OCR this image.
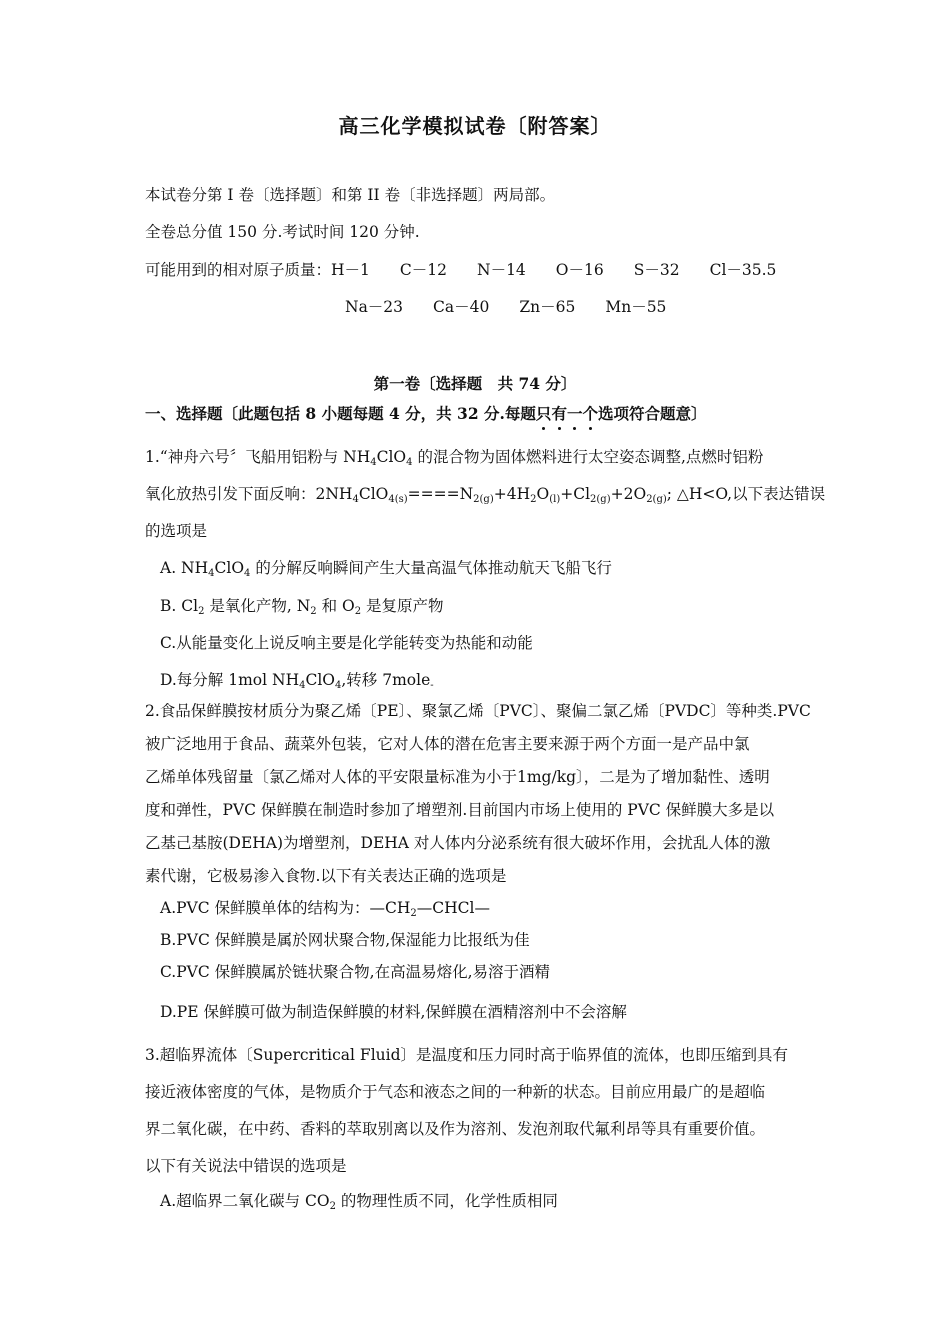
高三化学模拟试卷〔附答案〕
本试卷分第 I 卷〔选择题〕和第 II 卷〔非选择题〕两局部。
全卷总分值 150 分.考试时间 120 分钟.
可能用到的相对原子质量：H－1 C－12 N－14 O－16 S－32 Cl－35.5
Na－23 Ca－40 Zn－65 Mn－55
第一卷〔选择题　共 74 分〕
一、选择题〔此题包括 8 小题每题 4 分，共 32 分.每题只有一个选项符合题意〕
1.“神舟六号〞飞船用铝粉与 $NH_4ClO_4$ 的混合物为固体燃料进行太空姿态调整,点燃时铝粉
氧化放热引发下面反响：$2NH_4ClO_{4(s)}====N_{2(g)}+4H_2O_{(l)}+Cl_{2(g)}+2O_{2(g)}$; △H<O,以下表达错误
的选项是
A. $NH_4ClO_4$ 的分解反响瞬间产生大量高温气体推动航天飞船飞行
B. $Cl_2$ 是氧化产物, $N_2$ 和 $O_2$ 是复原产物
C.从能量变化上说反响主要是化学能转变为热能和动能
D.每分解 1mol $NH_4ClO_4$,转移 7mole$_-$
2.食品保鲜膜按材质分为聚乙烯〔PE〕、聚氯乙烯〔PVC〕、聚偏二氯乙烯〔PVDC〕等种类.PVC
被广泛地用于食品、蔬菜外包装，它对人体的潜在危害主要来源于两个方面一是产品中氯
乙烯单体残留量〔氯乙烯对人体的平安限量标准为小于1mg/kg〕，二是为了增加黏性、透明
度和弹性，PVC 保鲜膜在制造时参加了增塑剂.目前国内市场上使用的 PVC 保鲜膜大多是以
乙基己基胺(DEHA)为增塑剂，DEHA 对人体内分泌系统有很大破坏作用，会扰乱人体的激
素代谢，它极易渗入食物.以下有关表达正确的选项是
A.PVC 保鲜膜单体的结构为：$—CH_2—CHCl—$
B.PVC 保鲜膜是属於网状聚合物,保湿能力比报纸为佳
C.PVC 保鲜膜属於链状聚合物,在高温易熔化,易溶于酒精
D.PE 保鲜膜可做为制造保鲜膜的材料,保鲜膜在酒精溶剂中不会溶解
3.超临界流体〔Supercritical Fluid〕是温度和压力同时高于临界值的流体，也即压缩到具有
接近液体密度的气体，是物质介于气态和液态之间的一种新的状态。目前应用最广的是超临
界二氧化碳，在中药、香料的萃取别离以及作为溶剂、发泡剂取代氟利昂等具有重要价值。
以下有关说法中错误的选项是
A.超临界二氧化碳与 $CO_2$ 的物理性质不同，化学性质相同
